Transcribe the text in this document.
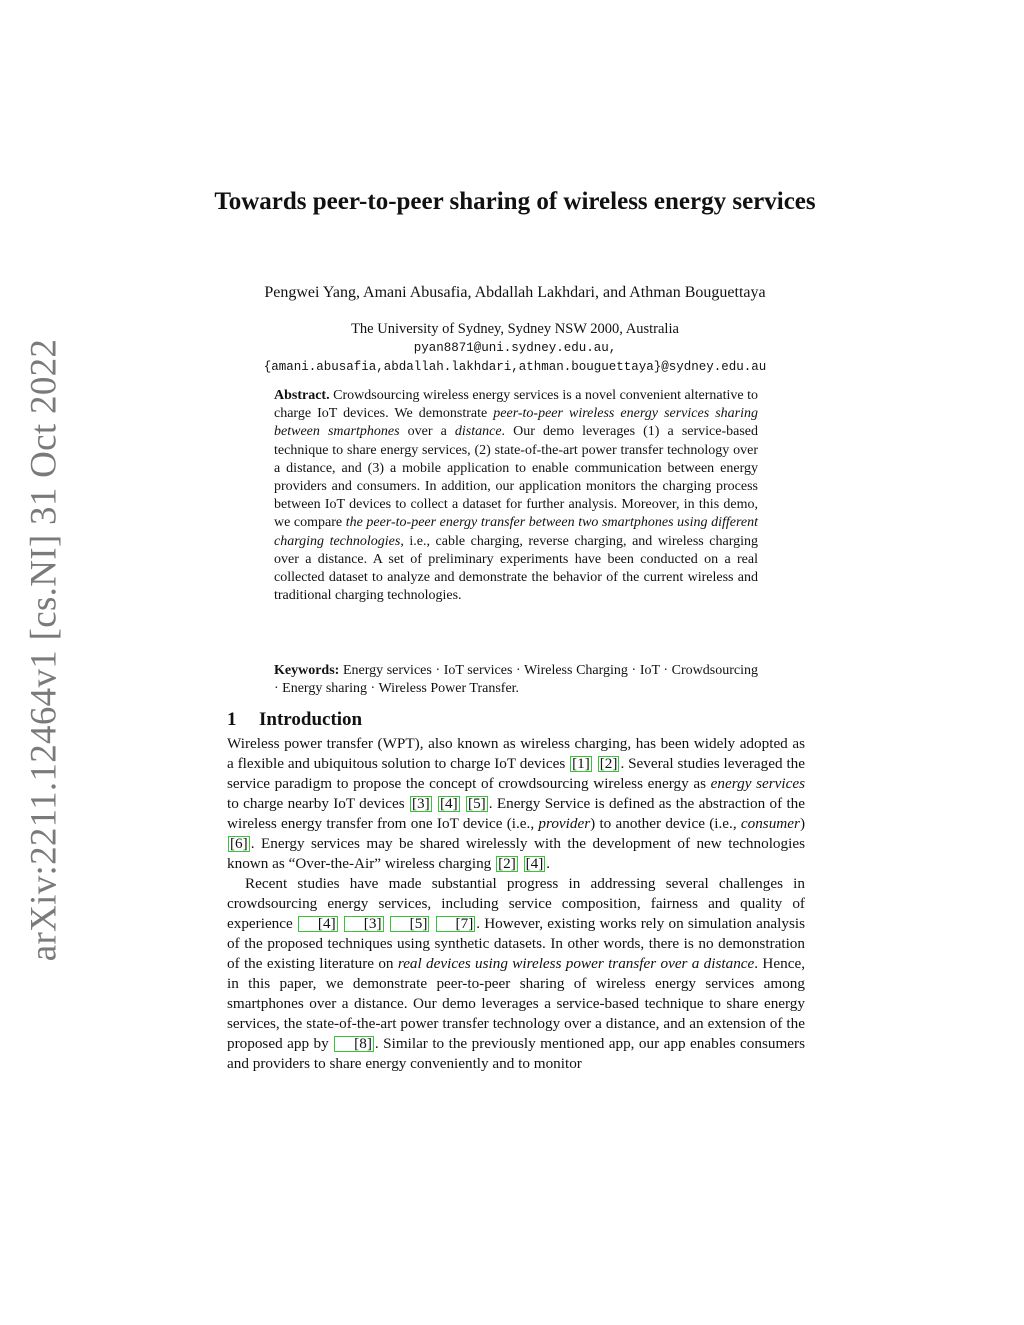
arXiv:2211.12464v1 [cs.NI] 31 Oct 2022
Towards peer-to-peer sharing of wireless energy services
Pengwei Yang, Amani Abusafia, Abdallah Lakhdari, and Athman Bouguettaya
The University of Sydney, Sydney NSW 2000, Australia
pyan8871@uni.sydney.edu.au,
{amani.abusafia,abdallah.lakhdari,athman.bouguettaya}@sydney.edu.au
Abstract. Crowdsourcing wireless energy services is a novel convenient alternative to charge IoT devices. We demonstrate peer-to-peer wireless energy services sharing between smartphones over a distance. Our demo leverages (1) a service-based technique to share energy services, (2) state-of-the-art power transfer technology over a distance, and (3) a mobile application to enable communication between energy providers and consumers. In addition, our application monitors the charging process between IoT devices to collect a dataset for further analysis. Moreover, in this demo, we compare the peer-to-peer energy transfer between two smartphones using different charging technologies, i.e., cable charging, reverse charging, and wireless charging over a distance. A set of preliminary experiments have been conducted on a real collected dataset to analyze and demonstrate the behavior of the current wireless and traditional charging technologies.
Keywords: Energy services · IoT services · Wireless Charging · IoT · Crowdsourcing · Energy sharing · Wireless Power Transfer.
1 Introduction

Wireless power transfer (WPT), also known as wireless charging, has been widely adopted as a flexible and ubiquitous solution to charge IoT devices [1] [2] . Several studies leveraged the service paradigm to propose the concept of crowdsourcing wireless energy as energy services to charge nearby IoT devices [3] [4] [5] . Energy Service is defined as the abstraction of the wireless energy transfer from one IoT device (i.e., provider) to another device (i.e., consumer) [6] . Energy services may be shared wirelessly with the development of new technologies known as “Over-the-Air” wireless charging [2] [4] .

Recent studies have made substantial progress in addressing several challenges in crowdsourcing energy services, including service composition, fairness and quality of experience [4] [3] [5] [7] . However, existing works rely on simulation analysis of the proposed techniques using synthetic datasets. In other words, there is no demonstration of the existing literature on real devices using wireless power transfer over a distance. Hence, in this paper, we demonstrate peer-to-peer sharing of wireless energy services among smartphones over a distance. Our demo leverages a service-based technique to share energy services, the state-of-the-art power transfer technology over a distance, and an extension of the proposed app by [8] . Similar to the previously mentioned app, our app enables consumers and providers to share energy conveniently and to monitor
